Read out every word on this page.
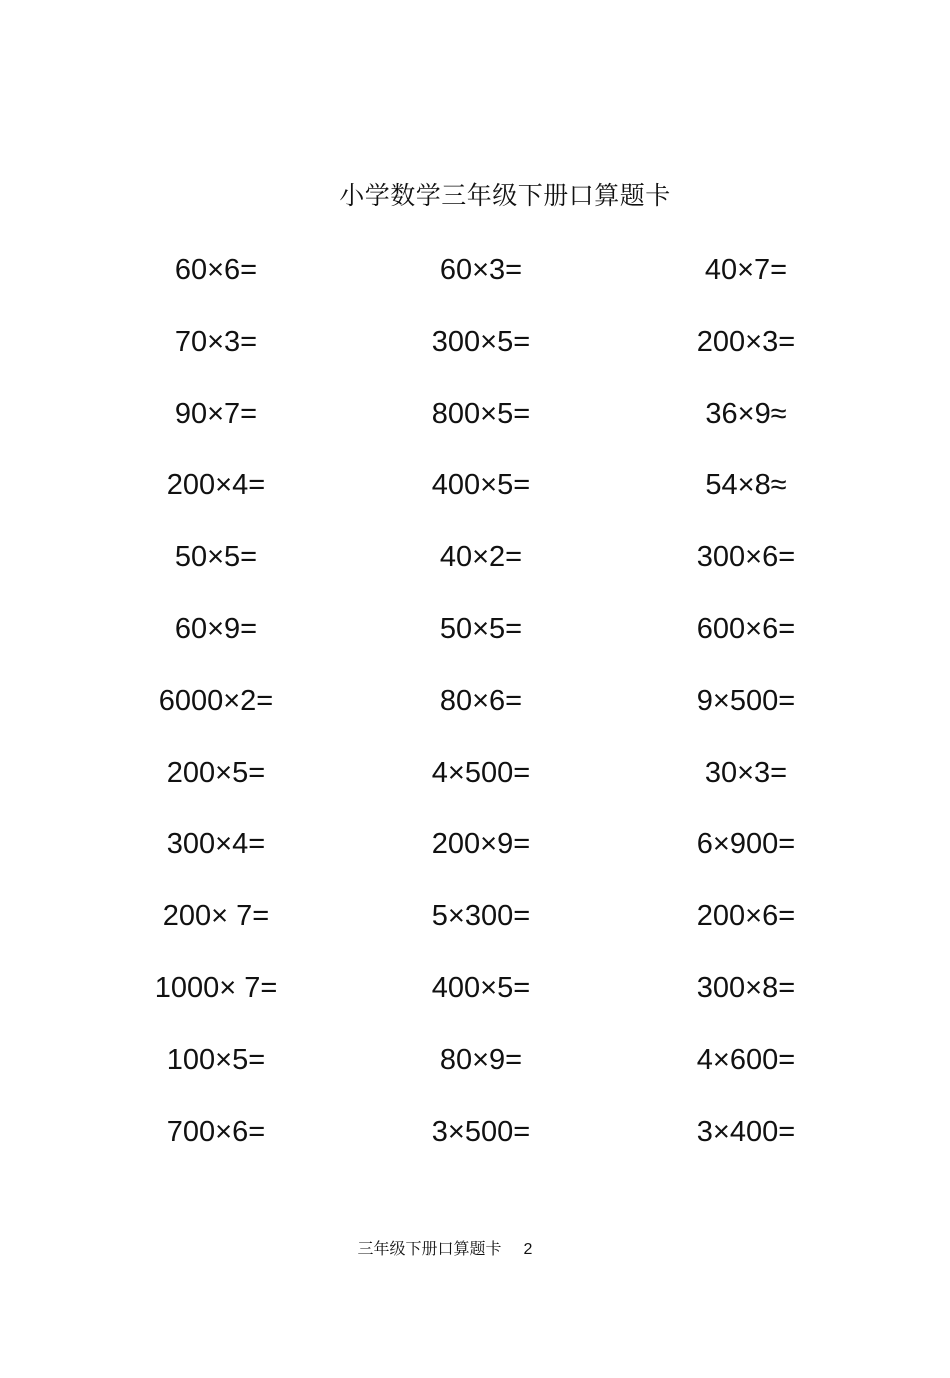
小学数学三年级下册口算题卡
60×6=
70×3=
90×7=
200×4=
50×5=
60×9=
6000×2=
200×5=
300×4=
200× 7=
1000× 7=
100×5=
700×6=
60×3=
300×5=
800×5=
400×5=
40×2=
50×5=
80×6=
4×500=
200×9=
5×300=
400×5=
80×9=
3×500=
40×7=
200×3=
36×9≈
54×8≈
300×6=
600×6=
9×500=
30×3=
6×900=
200×6=
300×8=
4×600=
3×400=
三年级下册口算题卡 2
